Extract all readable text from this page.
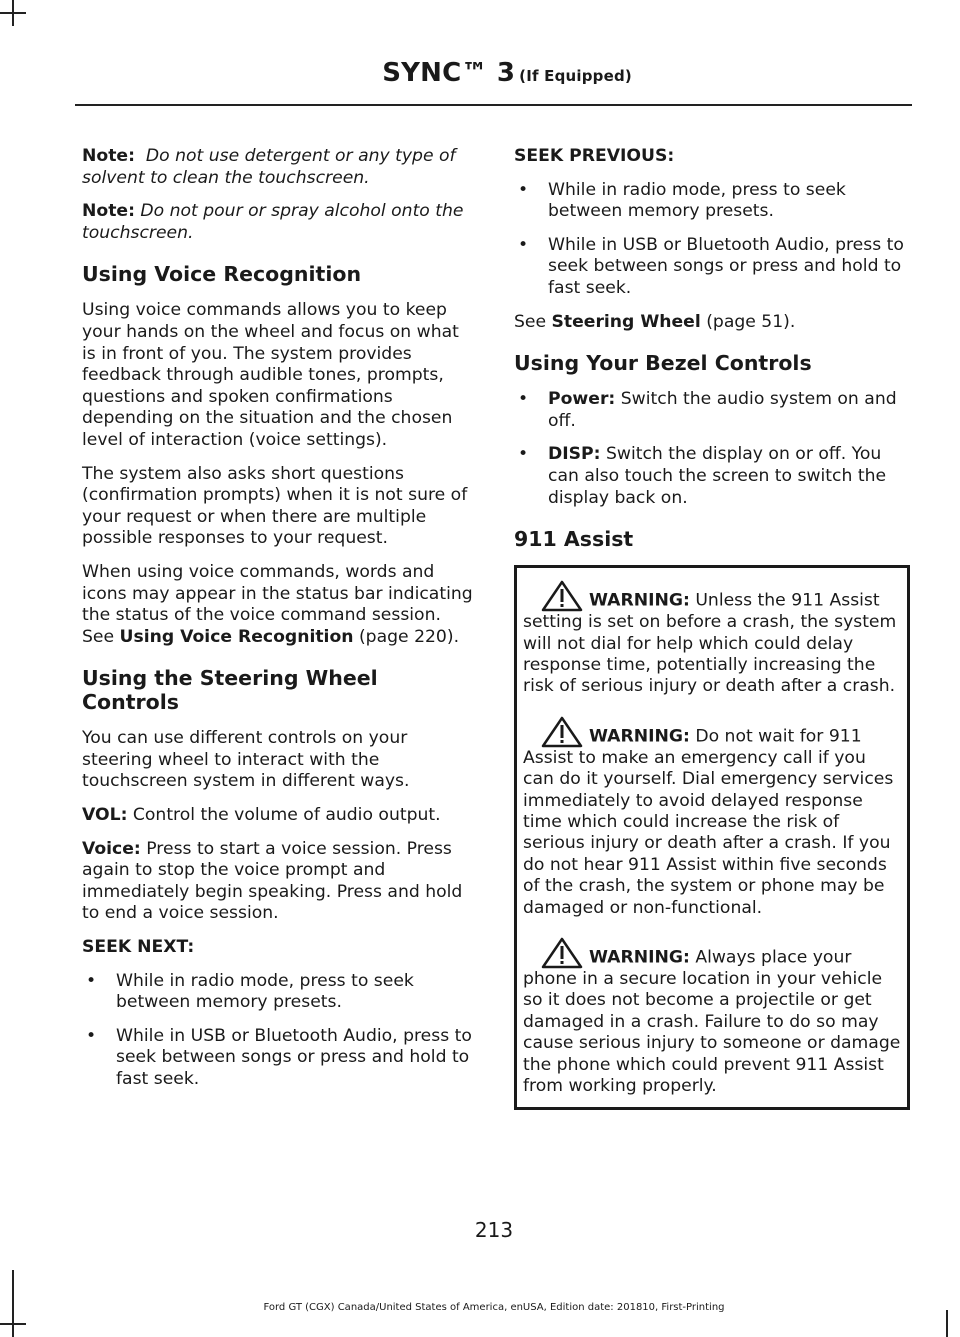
SYNC™ 3 (If Equipped)

Note: Do not use detergent or any type of solvent to clean the touchscreen.

Note: Do not pour or spray alcohol onto the touchscreen.

Using Voice Recognition

Using voice commands allows you to keep your hands on the wheel and focus on what is in front of you. The system provides feedback through audible tones, prompts, questions and spoken confirmations depending on the situation and the chosen level of interaction (voice settings).

The system also asks short questions (confirmation prompts) when it is not sure of your request or when there are multiple possible responses to your request.

When using voice commands, words and icons may appear in the status bar indicating the status of the voice command session. See Using Voice Recognition (page 220).

Using the Steering Wheel Controls

You can use different controls on your steering wheel to interact with the touchscreen system in different ways.

VOL: Control the volume of audio output.

Voice: Press to start a voice session. Press again to stop the voice prompt and immediately begin speaking. Press and hold to end a voice session.

SEEK NEXT:

• While in radio mode, press to seek between memory presets.
• While in USB or Bluetooth Audio, press to seek between songs or press and hold to fast seek.

SEEK PREVIOUS:

• While in radio mode, press to seek between memory presets.
• While in USB or Bluetooth Audio, press to seek between songs or press and hold to fast seek.

See Steering Wheel (page 51).

Using Your Bezel Controls
• Power: Switch the audio system on and off.
• DISP: Switch the display on or off. You can also touch the screen to switch the display back on.
911 Assist
WARNING: Unless the 911 Assist setting is set on before a crash, the system will not dial for help which could delay response time, potentially increasing the risk of serious injury or death after a crash.
WARNING: Do not wait for 911 Assist to make an emergency call if you can do it yourself. Dial emergency services immediately to avoid delayed response time which could increase the risk of serious injury or death after a crash. If you do not hear 911 Assist within five seconds of the crash, the system or phone may be damaged or non-functional.
WARNING: Always place your phone in a secure location in your vehicle so it does not become a projectile or get damaged in a crash. Failure to do so may cause serious injury to someone or damage the phone which could prevent 911 Assist from working properly.
213
Ford GT (CGX) Canada/United States of America, enUSA, Edition date: 201810, First-Printing
